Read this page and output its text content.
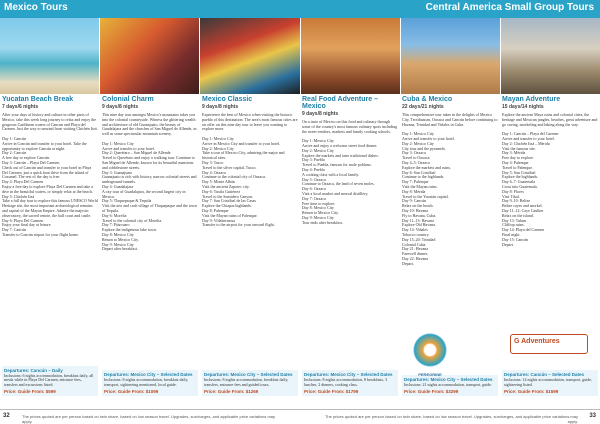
Mexico Tours	Central America Small Group Tours

Yucatan Beach Break

7 days/6 nights

After your days of history and culture in other parts of Mexico, take this week long journey to relax and enjoy the gorgeous Caribbean waters of Cancun and Playa del Carmen. Just the way to unwind from visiting Chichén Itzá.

Day 1: Cancún
Arrive in Cancún and transfer to your hotel. Take the opportunity to explore Cancún at night.
Day 2: Cancún
A free day to explore Cancún.
Day 3: Cancún – Playa Del Carmen
Check out of Cancún and transfer to your hotel in Playa Del Carmen, just a quick boat drive from the island of Cozumel. The rest of the day is free.
Day 4: Playa Del Carmen
Enjoy a free day to explore Playa Del Carmen and take a dive in the beautiful waters, or simply relax at the beach.
Day 5: Chichén Itzá
Take a full day tour to explore this famous UNESCO World Heritage site, the most important archaeological remains and capital of the Mayan Empire. Admire the majestic observatory, the sacred cenote, the ball court and castle.
Day 6: Playa Del Carmen
Enjoy your final day at leisure.
Day 7: Cancún
Transfer to Cancún airport for your flight home.

Departures: Cancún – Daily

Inclusions: 6 nights accommodation, breakfast daily, all meals while in Playa Del Carmen, entrance fees, transfers and excursions listed.

Price: Guide From: $599

Colonial Charm

9 days/8 nights

This nine day tour amongst Mexico's mountains takes you into the colonial countryside. Witness the glittering wealth and architecture of old Guanajuato, the beauty of Guadalajara and the churches of San Miguel de Allende, as well as some spectacular mountain scenery.

Day 1: Mexico City
Arrive and transfer to your hotel.
Day 2: Querétaro – San Miguel de Allende
Travel to Querétaro and enjoy a walking tour. Continue to San Miguel de Allende, known for its beautiful mansions and cobblestone streets.
Day 3: Guanajuato
Guanajuato is rich with history, narrow colonial streets and underground tunnels.
Day 4: Guadalajara
A city tour of Guadalajara, the second largest city in Mexico.
Day 5: Tlaquepaque & Tequila
Visit the arts and craft village of Tlaquepaque and the town of Tequila.
Day 6: Morelia
Travel to the colonial city of Morelia.
Day 7: Pátzcuaro
Explore the indigenous lake town.
Day 8: Mexico City
Return to Mexico City.
Day 9: Mexico City
Depart after breakfast.

Departures: Mexico City – Selected Dates

Inclusions: 8 nights accommodation, breakfast daily, transport, sightseeing mentioned, local guide.

Price: Guide From: $1099

Mexico Classic

9 days/8 nights

Experience the best of Mexico when visiting the historic pueblo of this destination. The area's most famous cities are on offer on this nine day tour to leave you wanting to explore more.

Day 1: Mexico City
Arrive in Mexico City and transfer to your hotel.
Day 2: Mexico City
Take a tour of Mexico City, admiring the major and historical sites.
Day 3: Taxco
Travel to the silver capital, Taxco.
Day 4: Oaxaca
Continue to the colonial city of Oaxaca.
Day 5: Monte Albán
Visit the ancient Zapotec city.
Day 6: Tuxtla Gutiérrez
Travel to the Sumidero Canyon.
Day 7: San Cristóbal de las Casas
Explore the Chiapas highlands.
Day 8: Palenque
Visit the Mayan ruins of Palenque.
Day 9: Villahermosa
Transfer to the airport for your onward flight.

Departures: Mexico City – Selected Dates

Inclusions: 8 nights accommodation, breakfast daily, transfers, entrance fees and guided tours.

Price: Guide From: $1269

Real Food Adventure – Mexico

9 days/8 nights

On a taste of Mexico on this food and culinary through some of the country's most famous culinary spots including the street vendors, markets and family cooking schools.

Day 1: Mexico City
Arrive and enjoy a welcome street food dinner.
Day 2: Mexico City
Explore the markets and taste traditional dishes.
Day 3: Puebla
Travel to Puebla, famous for mole poblano.
Day 4: Puebla
A cooking class with a local family.
Day 5: Oaxaca
Continue to Oaxaca, the land of seven moles.
Day 6: Oaxaca
Visit a local market and mezcal distillery.
Day 7: Oaxaca
Free time to explore.
Day 8: Mexico City
Return to Mexico City.
Day 9: Mexico City
Tour ends after breakfast.

Departures: Mexico City – Selected Dates

Inclusions: 8 nights accommodation, 8 breakfasts, 3 lunches, 2 dinners, cooking class.

Price: Guide From: $1799

Cuba & Mexico

22 days/21 nights

This comprehensive tour takes in the delights of Mexico City, Teotihuacan, Oaxaca and Cancún before continuing to Havana, Trinidad and Viñales in Cuba.

Day 1: Mexico City
Arrive and transfer to your hotel.
Day 2: Mexico City
City tour and the pyramids.
Day 3: Oaxaca
Travel to Oaxaca.
Day 4–5: Oaxaca
Explore the markets and ruins.
Day 6: San Cristóbal
Continue to the highlands.
Day 7: Palenque
Visit the Mayan ruins.
Day 8: Mérida
Travel to the Yucatán capital.
Day 9: Cancún
Relax on the beach.
Day 10: Havana
Fly to Havana, Cuba.
Day 11–13: Havana
Explore Old Havana.
Day 14: Viñales
Tobacco country.
Day 15–20: Trinidad
Colonial Cuba.
Day 21: Havana
Farewell dinner.
Day 22: Havana
Depart.

Departures: Mexico City – Selected Dates

Inclusions: 21 nights accommodation, transport, guide.

Price: Guide From: $3299

Mayan Adventure

15 days/14 nights

Explore the ancient Maya ruins and colonial cities, the heritage and Mexican jungles, beaches, great adventure and go caving, snorkeling and hiking along the way.

Day 1: Cancún – Playa del Carmen
Arrive and transfer to your hotel.
Day 2: Chichén Itzá – Mérida
Visit the famous site.
Day 3: Mérida
Free day to explore.
Day 4: Palenque
Travel to Palenque.
Day 5: San Cristóbal
Explore the highlands.
Day 6–7: Guatemala
Cross into Guatemala.
Day 8: Flores
Visit Tikal.
Day 9–10: Belize
Belize cayes and snorkel.
Day 11–12: Caye Caulker
Relax on the island.
Day 13: Tulum
Clifftop ruins.
Day 14: Playa del Carmen
Final night.
Day 15: Cancún
Depart.

Departures: Cancún – Selected Dates

Inclusions: 14 nights accommodation, transport, guide, sightseeing listed.

Price: Guide From: $1599
PEREGRINE
G Adventures
32	The prices quoted are per person based on twin share, based on low season travel. Upgrades, surcharges, and applicable price variations may apply.
The prices quoted are per person based on twin share, based on low season travel. Upgrades, surcharges, and applicable price variations may apply.
33
